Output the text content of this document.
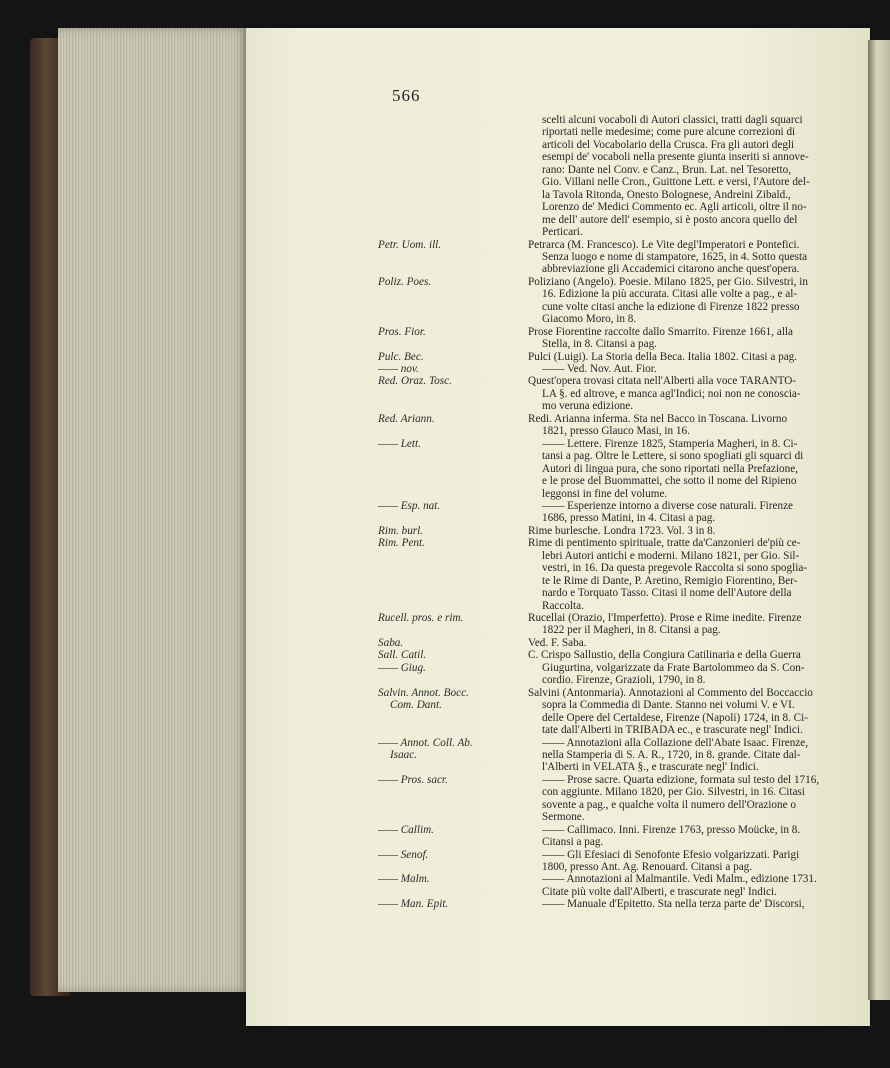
566
scelti alcuni vocaboli di Autori classici, tratti dagli squarci
riportati nelle medesime; come pure alcune correzioni di
articoli del Vocabolario della Crusca. Fra gli autori degli
esempi de' vocaboli nella presente giunta inseriti si annove-
rano: Dante nel Conv. e Canz., Brun. Lat. nel Tesoretto,
Gio. Villani nelle Cron., Guittone Lett. e versi, l'Autore del-
la Tavola Ritonda, Onesto Bolognese, Andreini Zibald.,
Lorenzo de' Medici Commento ec. Agli articoli, oltre il no-
me dell' autore dell' esempio, si è posto ancora quello del
Perticari.
Petr. Uom. ill.	Petrarca (M. Francesco). Le Vite degl'Imperatori e Pontefici.
Senza luogo e nome di stampatore, 1625, in 4. Sotto questa
abbreviazione gli Accademici citarono anche quest'opera.
Poliz. Poes.	Poliziano (Angelo). Poesie. Milano 1825, per Gio. Silvestri, in
16. Edizione la più accurata. Citasi alle volte a pag., e al-
cune volte citasi anche la edizione di Firenze 1822 presso
Giacomo Moro, in 8.
Pros. Fior.	Prose Fiorentine raccolte dallo Smarrito. Firenze 1661, alla
Stella, in 8. Citansi a pag.
Pulc. Bec.	Pulci (Luigi). La Storia della Beca. Italia 1802. Citasi a pag.
—— nov.	—— Ved. Nov. Aut. Fior.
Red. Oraz. Tosc.	Quest'opera trovasi citata nell'Alberti alla voce TARANTO-
LA §. ed altrove, e manca agl'Indici; noi non ne conoscia-
mo veruna edizione.
Red. Ariann.	Redi. Arianna inferma. Sta nel Bacco in Toscana. Livorno
1821, presso Glauco Masi, in 16.
—— Lett.	—— Lettere. Firenze 1825, Stamperia Magheri, in 8. Ci-
tansi a pag. Oltre le Lettere, si sono spogliati gli squarci di
Autori di lingua pura, che sono riportati nella Prefazione,
e le prose del Buommattei, che sotto il nome del Ripieno
leggonsi in fine del volume.
—— Esp. nat.	—— Esperienze intorno a diverse cose naturali. Firenze
1686, presso Matini, in 4. Citasi a pag.
Rim. burl.	Rime burlesche. Londra 1723. Vol. 3 in 8.
Rim. Pent.	Rime di pentimento spirituale, tratte da'Canzonieri de'più ce-
lebri Autori antichi e moderni. Milano 1821, per Gio. Sil-
vestri, in 16. Da questa pregevole Raccolta si sono spoglia-
te le Rime di Dante, P. Aretino, Remigio Fiorentino, Ber-
nardo e Torquato Tasso. Citasi il nome dell'Autore della
Raccolta.
Rucell. pros. e rim.	Rucellai (Orazio, l'Imperfetto). Prose e Rime inedite. Firenze
1822 per il Magheri, in 8. Citansi a pag.
Saba.	Ved. F. Saba.
Sall. Catil.	C. Crispo Sallustio, della Congiura Catilinaria e della Guerra
—— Giug.	Giugurtina, volgarizzate da Frate Bartolommeo da S. Con-
cordio. Firenze, Grazioli, 1790, in 8.
Salvin. Annot. Bocc.
Com. Dant.
Salvini (Antonmaria). Annotazioni al Commento del Boccaccio
sopra la Commedia di Dante. Stanno nei volumi V. e VI.
delle Opere del Certaldese, Firenze (Napoli) 1724, in 8. Ci-
tate dall'Alberti in TRIBADA ec., e trascurate negl' Indici.
—— Annot. Coll. Ab.
Isaac.
—— Annotazioni alla Collazione dell'Abate Isaac. Firenze,
nella Stamperia di S. A. R., 1720, in 8. grande. Citate dal-
l'Alberti in VELATA §., e trascurate negl' Indici.
—— Pros. sacr.	—— Prose sacre. Quarta edizione, formata sul testo del 1716,
con aggiunte. Milano 1820, per Gio. Silvestri, in 16. Citasi
sovente a pag., e qualche volta il numero dell'Orazione o
Sermone.
—— Callim.	—— Callimaco. Inni. Firenze 1763, presso Moücke, in 8.
Citansi a pag.
—— Senof.	—— Gli Efesiaci di Senofonte Efesio volgarizzati. Parigi
1800, presso Ant. Ag. Renouard. Citansi a pag.
—— Malm.	—— Annotazioni al Malmantile. Vedi Malm., edizione 1731.
Citate più volte dall'Alberti, e trascurate negl' Indici.
—— Man. Epit.	—— Manuale d'Epitetto. Sta nella terza parte de' Discorsi,
